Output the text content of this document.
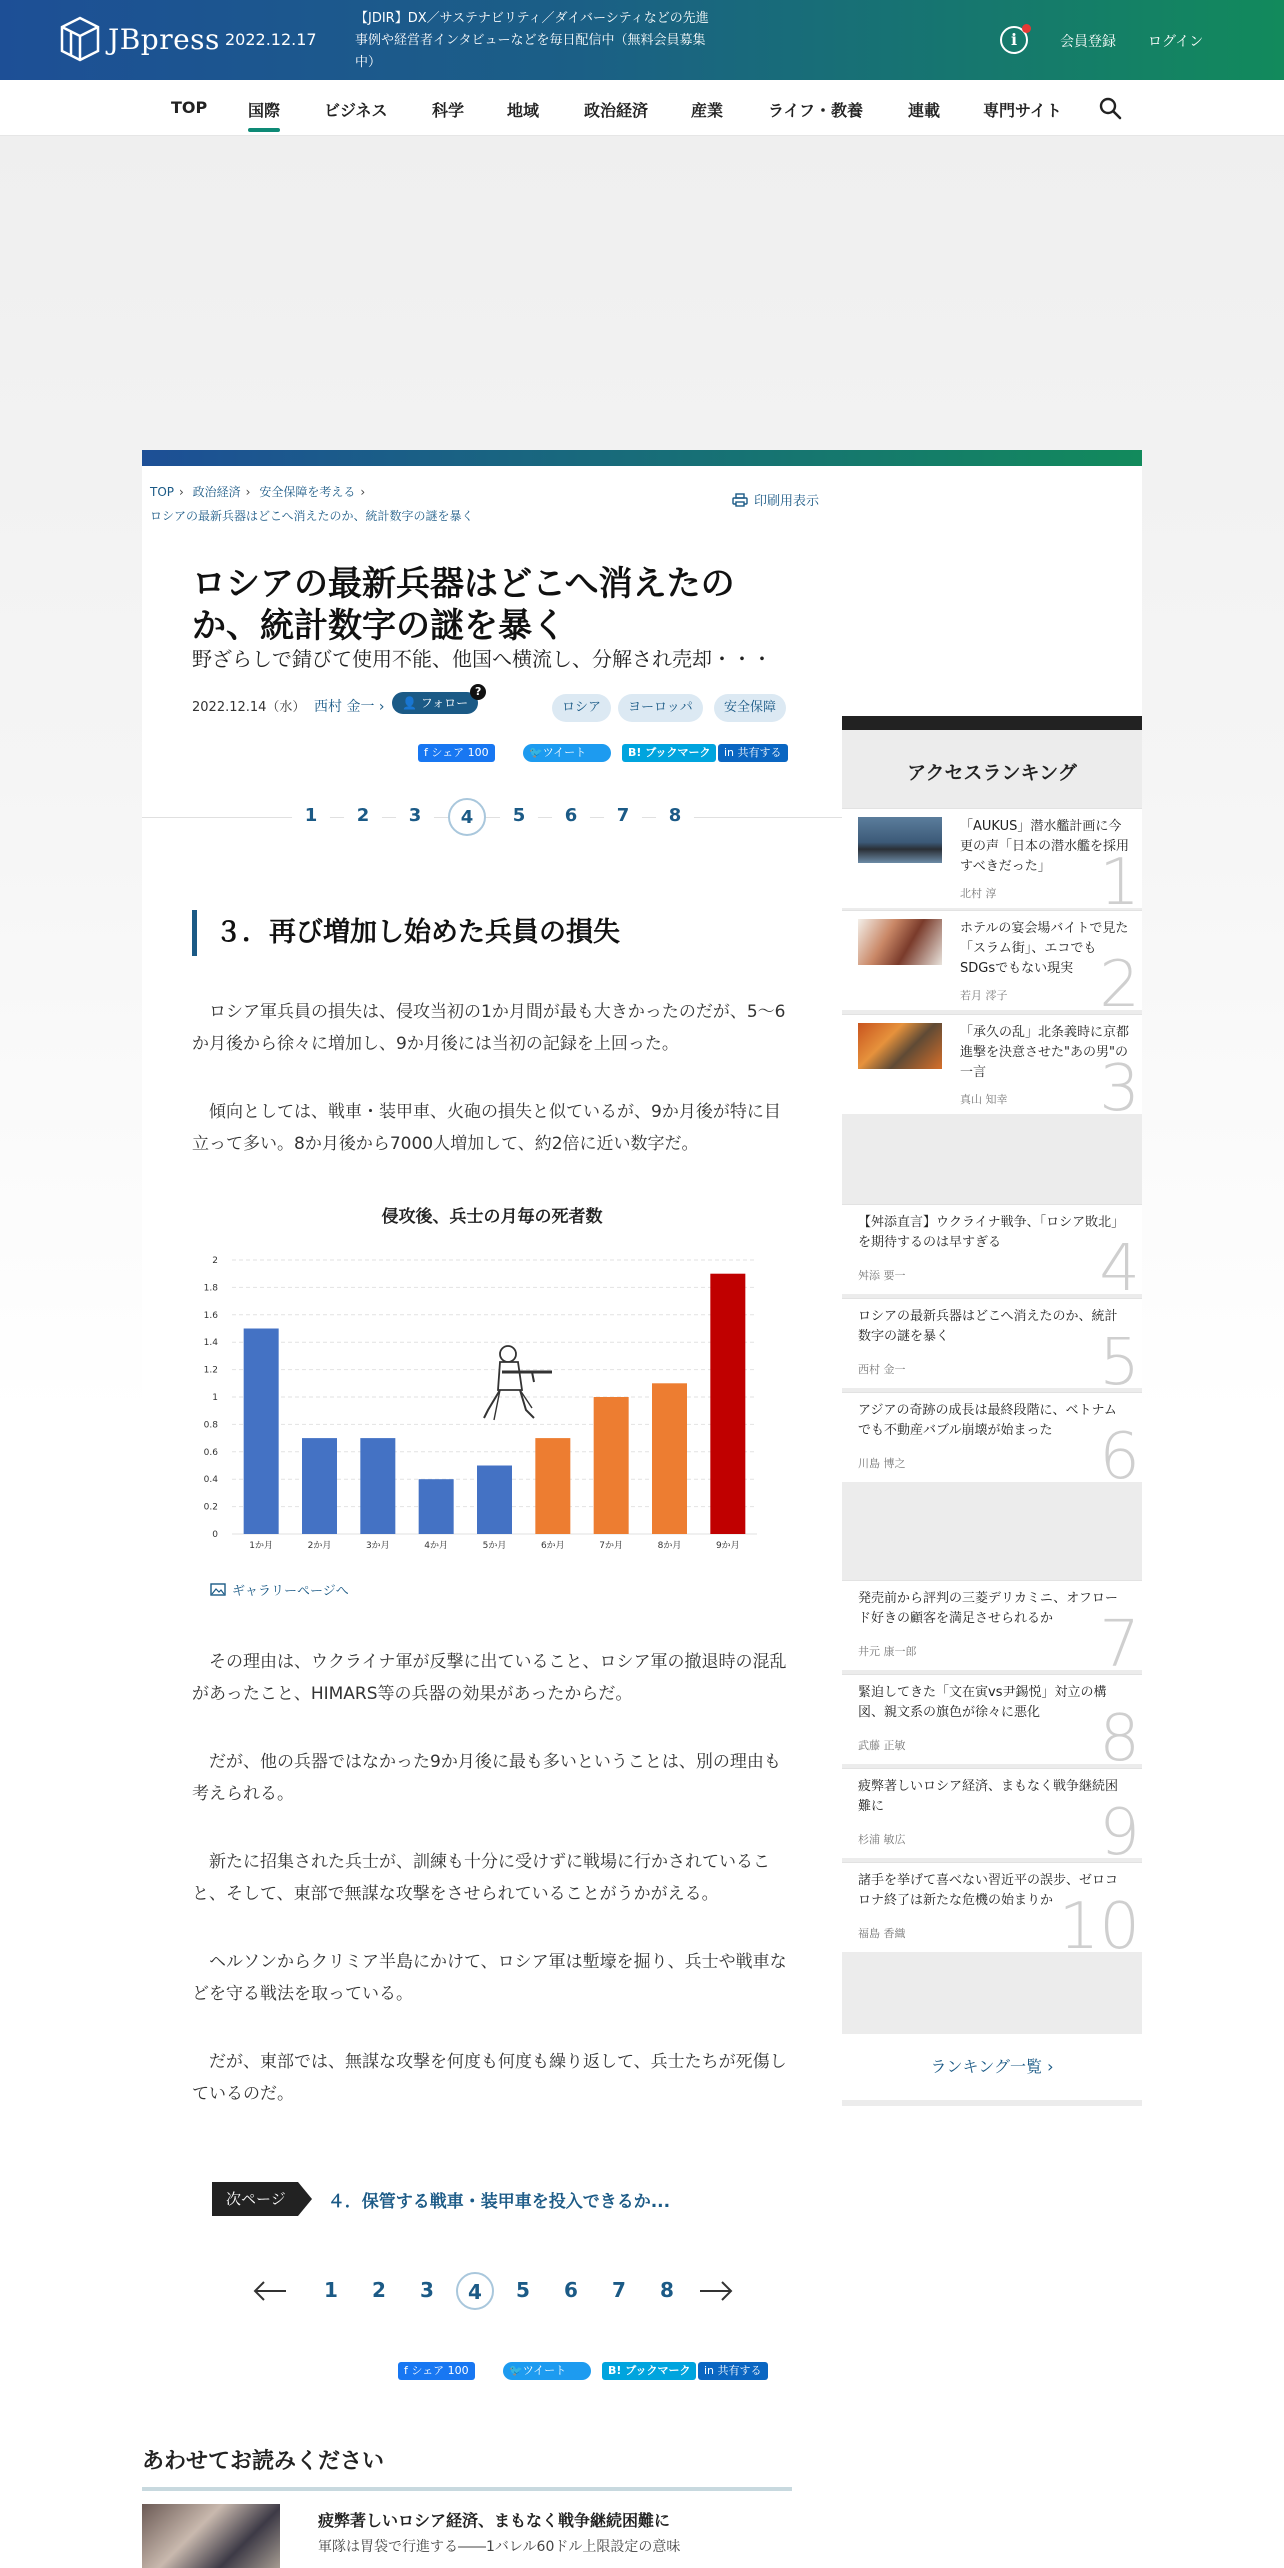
JBpress 2022.12.17
【JDIR】DX／サステナビリティ／ダイバーシティなどの先進事例や経営者インタビューなどを毎日配信中（無料会員募集中）
i	会員登録 ログイン
TOP	国際	ビジネス	科学	地域	政治経済	産業	ライフ・教養	連載	専門サイト
TOP › 政治経済 › 安全保障を考える ›
ロシアの最新兵器はどこへ消えたのか、統計数字の謎を暴く
印刷用表示
ロシアの最新兵器はどこへ消えたのか、統計数字の謎を暴く
野ざらしで錆びて使用不能、他国へ横流し、分解され売却・・・
2022.12.14（水） 西村 金一 ›	👤 フォロー
?
ロシア	ヨーロッパ	安全保障
f シェア 100	🐦ツイート	B! ブックマーク	in 共有する
1	2	3	4	5	6	7	8
３．再び増加し始めた兵員の損失

ロシア軍兵員の損失は、侵攻当初の1か月間が最も大きかったのだが、5～6か月後から徐々に増加し、9か月後には当初の記録を上回った。

傾向としては、戦車・装甲車、火砲の損失と似ているが、9か月後が特に目立って多い。8か月後から7000人増加して、約2倍に近い数字だ。

侵攻後、兵士の月毎の死者数
0
0.2
0.4
0.6
0.8
1
1.2
1.4
1.6
1.8
2
1か月	2か月	3か月	4か月	5か月	6か月	7か月	8か月	9か月
ギャラリーページへ

その理由は、ウクライナ軍が反撃に出ていること、ロシア軍の撤退時の混乱があったこと、HIMARS等の兵器の効果があったからだ。

だが、他の兵器ではなかった9か月後に最も多いということは、別の理由も考えられる。

新たに招集された兵士が、訓練も十分に受けずに戦場に行かされていること、そして、東部で無謀な攻撃をさせられていることがうかがえる。

ヘルソンからクリミア半島にかけて、ロシア軍は塹壕を掘り、兵士や戦車などを守る戦法を取っている。

だが、東部では、無謀な攻撃を何度も何度も繰り返して、兵士たちが死傷しているのだ。

次ページ	４．保管する戦車・装甲車を投入できるか...
1	2	3	4	5	6	7	8
f シェア 100	🐦ツイート	B! ブックマーク	in 共有する
あわせてお読みください
疲弊著しいロシア経済、まもなく戦争継続困難に
軍隊は胃袋で行進する――1バレル60ドル上限設定の意味
アクセスランキング
「AUKUS」潜水艦計画に今更の声「日本の潜水艦を採用すべきだった」
北村 淳 1
ホテルの宴会場バイトで見た「スラム街」、エコでもSDGsでもない現実
若月 澪子 2
「承久の乱」北条義時に京都進撃を決意させた"あの男"の一言
真山 知幸 3
【舛添直言】ウクライナ戦争、「ロシア敗北」を期待するのは早すぎる
舛添 要一	4
ロシアの最新兵器はどこへ消えたのか、統計数字の謎を暴く
西村 金一	5
アジアの奇跡の成長は最終段階に、ベトナムでも不動産バブル崩壊が始まった
川島 博之	6
発売前から評判の三菱デリカミニ、オフロード好きの顧客を満足させられるか
井元 康一郎	7
緊迫してきた「文在寅vs尹錫悦」対立の構図、親文系の旗色が徐々に悪化
武藤 正敏	8
疲弊著しいロシア経済、まもなく戦争継続困難に
杉浦 敏広	9
諸手を挙げて喜べない習近平の誤步、ゼロコロナ終了は新たな危機の始まりか
福島 香織 10
ランキング一覧 ›
